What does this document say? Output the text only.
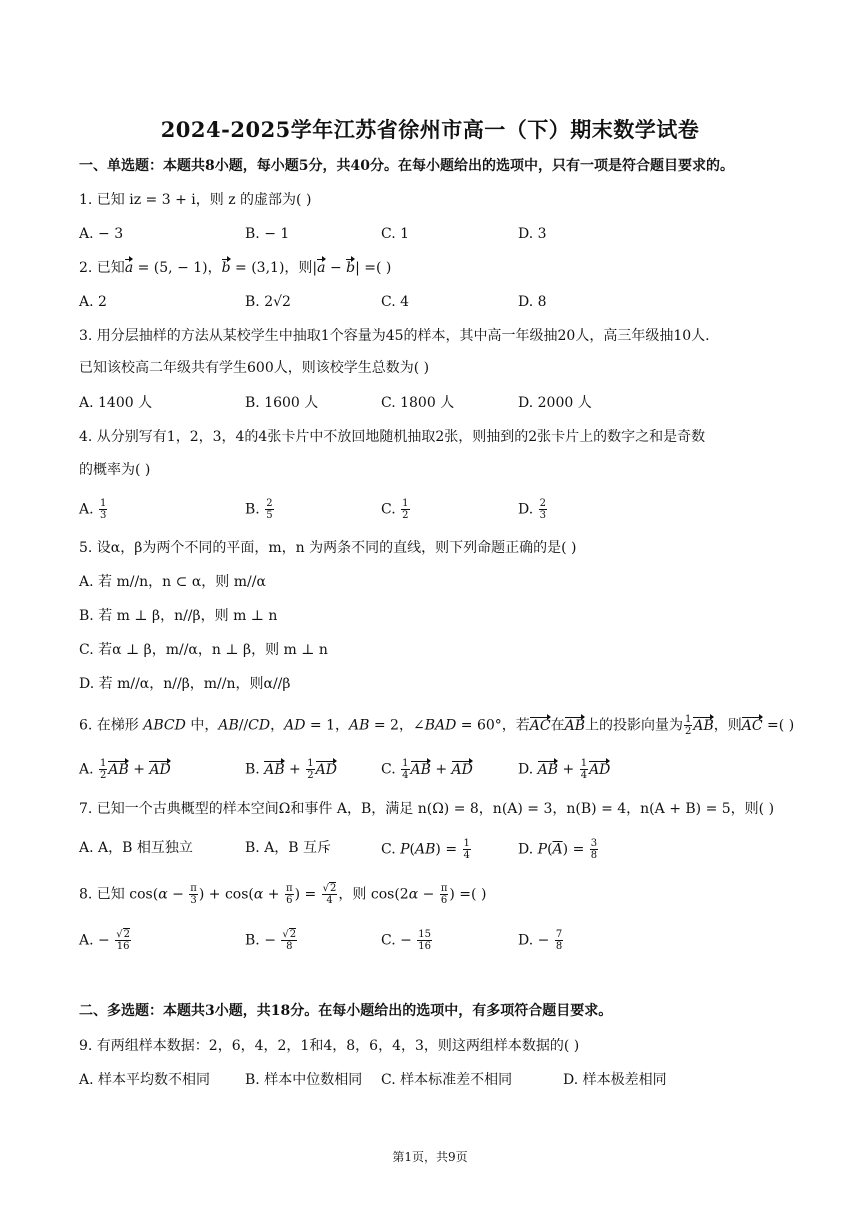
2024-2025学年江苏省徐州市高一（下）期末数学试卷
一、单选题：本题共8小题，每小题5分，共40分。在每小题给出的选项中，只有一项是符合题目要求的。
1. 已知 iz = 3 + i，则 z 的虚部为( )
A. − 3	B. − 1	C. 1	D. 3
2. 已知a = (5, − 1)，b = (3,1)，则|a − b| =( )
A. 2	B. 2√2	C. 4	D. 8
3. 用分层抽样的方法从某校学生中抽取1个容量为45的样本，其中高一年级抽20人，高三年级抽10人.
已知该校高二年级共有学生600人，则该校学生总数为( )
A. 1400 人	B. 1600 人	C. 1800 人	D. 2000 人
4. 从分别写有1，2，3，4的4张卡片中不放回地随机抽取2张，则抽到的2张卡片上的数字之和是奇数
的概率为( )
A. $\frac{1}{3}$	B. $\frac{2}{5}$	C. $\frac{1}{2}$	D. $\frac{2}{3}$
5. 设α，β为两个不同的平面，m，n 为两条不同的直线，则下列命题正确的是( )
A. 若 m//n，n ⊂ α，则 m//α
B. 若 m ⊥ β，n//β，则 m ⊥ n
C. 若α ⊥ β，m//α，n ⊥ β，则 m ⊥ n
D. 若 m//α，n//β，m//n，则α//β
6. 在梯形 ABCD 中，AB//CD，AD = 1，AB = 2，∠BAD = 60°，若AC在AB上的投影向量为 $\frac{1}{2}$ AB，则AC =( )
A. $\frac{1}{2}$ AB + AD	B. AB + $\frac{1}{2}$ AD	C. $\frac{1}{4}$ AB + AD	D. AB + $\frac{1}{4}$ AD
7. 已知一个古典概型的样本空间Ω和事件 A，B，满足 n(Ω) = 8，n(A) = 3，n(B) = 4，n(A + B) = 5，则( )
A. A，B 相互独立	B. A，B 互斥	C. $P(AB) = \frac{1}{4}$	D. $P(\overline{A}) = \frac{3}{8}$
8. 已知 $\cos(\alpha - \frac{\pi}{3}$ ) + $\cos(\alpha + \frac{\pi}{6}$ ) = $\frac{√2}{4}$ ，则 $\cos(2\alpha - \frac{\pi}{6}$ ) =( )
A. − $\frac{√2}{16}$	B. − $\frac{√2}{8}$	C. − $\frac{15}{16}$	D. − $\frac{7}{8}$
二、多选题：本题共3小题，共18分。在每小题给出的选项中，有多项符合题目要求。
9. 有两组样本数据：2，6，4，2，1和4，8，6，4，3，则这两组样本数据的( )
A. 样本平均数不相同 B. 样本中位数相同 C. 样本标准差不相同	D. 样本极差相同
第1页，共9页
